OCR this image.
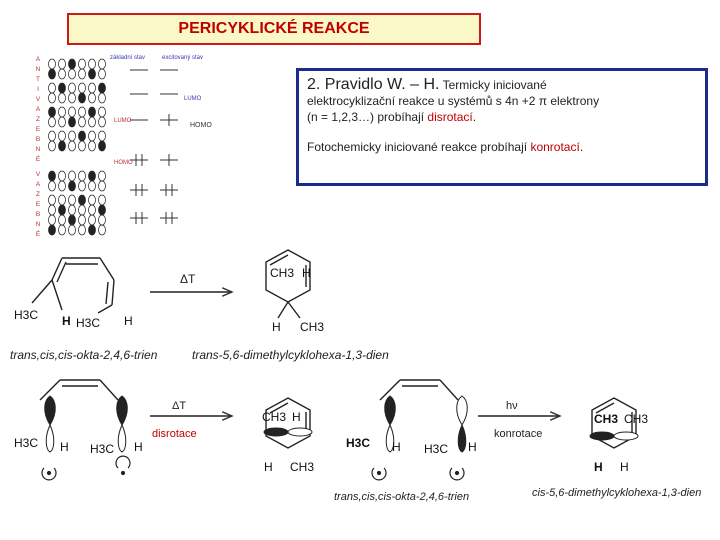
PERICYKLICKÉ REAKCE
A
N
T
I
V
A
Z
E
B
N
É
V
A
Z
E
B
N
É
základní stav	excitovaný stav
LUMO
HOMO
LUMO
HOMO
2. Pravidlo W. – H. Termicky iniciované
elektrocyklizační reakce u systémů s 4n +2 π elektrony
(n = 1,2,3…) probíhají disrotací.
Fotochemicky iniciované reakce probíhají konrotací.
ΔT
H3C H H3C H
CH3 H
H CH3
trans,cis,cis-okta-2,4,6-trien	trans-5,6-dimethylcyklohexa-1,3-dien
ΔT
disrotace
H3C H H3C H
CH3 H
H CH3
hν
konrotace
H3C H H3C H
CH3 CH3
H H
trans,cis,cis-okta-2,4,6-trien	cis-5,6-dimethylcyklohexa-1,3-dien
